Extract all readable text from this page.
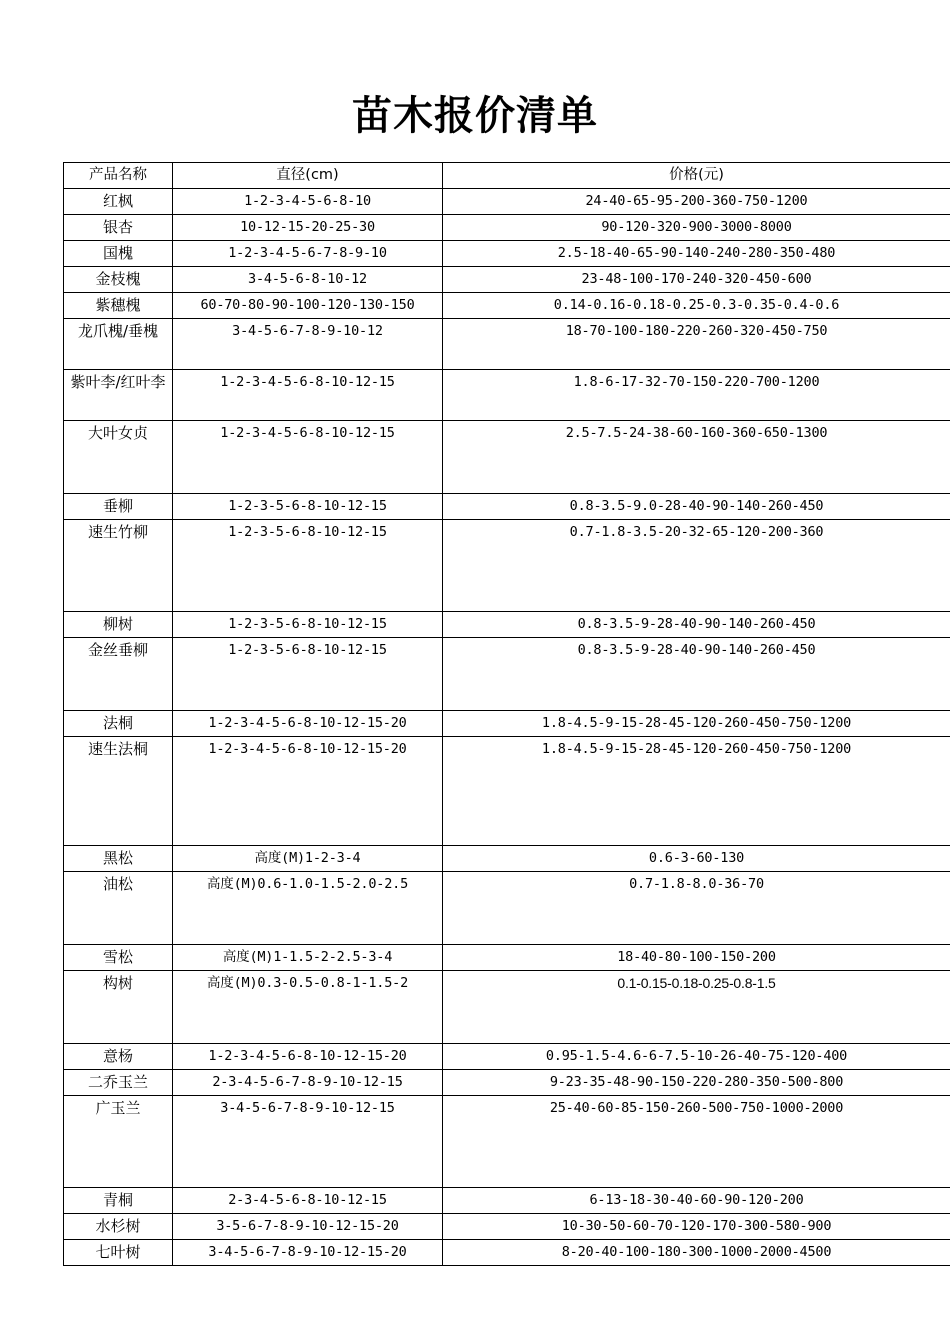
苗木报价清单
产品名称	直径(cm)	价格(元)
红枫	1-2-3-4-5-6-8-10	24-40-65-95-200-360-750-1200
银杏	10-12-15-20-25-30	90-120-320-900-3000-8000
国槐	1-2-3-4-5-6-7-8-9-10	2.5-18-40-65-90-140-240-280-350-480
金枝槐	3-4-5-6-8-10-12	23-48-100-170-240-320-450-600
紫穗槐	60-70-80-90-100-120-130-150	0.14-0.16-0.18-0.25-0.3-0.35-0.4-0.6
龙爪槐/垂槐	3-4-5-6-7-8-9-10-12	18-70-100-180-220-260-320-450-750
紫叶李/红叶李	1-2-3-4-5-6-8-10-12-15	1.8-6-17-32-70-150-220-700-1200
大叶女贞	1-2-3-4-5-6-8-10-12-15	2.5-7.5-24-38-60-160-360-650-1300
垂柳	1-2-3-5-6-8-10-12-15	0.8-3.5-9.0-28-40-90-140-260-450
速生竹柳	1-2-3-5-6-8-10-12-15	0.7-1.8-3.5-20-32-65-120-200-360
柳树	1-2-3-5-6-8-10-12-15	0.8-3.5-9-28-40-90-140-260-450
金丝垂柳	1-2-3-5-6-8-10-12-15	0.8-3.5-9-28-40-90-140-260-450
法桐	1-2-3-4-5-6-8-10-12-15-20	1.8-4.5-9-15-28-45-120-260-450-750-1200
速生法桐	1-2-3-4-5-6-8-10-12-15-20	1.8-4.5-9-15-28-45-120-260-450-750-1200
黑松	高度(M)1-2-3-4	0.6-3-60-130
油松	高度(M)0.6-1.0-1.5-2.0-2.5	0.7-1.8-8.0-36-70
雪松	高度(M)1-1.5-2-2.5-3-4	18-40-80-100-150-200
构树	高度(M)0.3-0.5-0.8-1-1.5-2	0.1-0.15-0.18-0.25-0.8-1.5
意杨	1-2-3-4-5-6-8-10-12-15-20	0.95-1.5-4.6-6-7.5-10-26-40-75-120-400
二乔玉兰	2-3-4-5-6-7-8-9-10-12-15	9-23-35-48-90-150-220-280-350-500-800
广玉兰	3-4-5-6-7-8-9-10-12-15	25-40-60-85-150-260-500-750-1000-2000
青桐	2-3-4-5-6-8-10-12-15	6-13-18-30-40-60-90-120-200
水杉树	3-5-6-7-8-9-10-12-15-20	10-30-50-60-70-120-170-300-580-900
七叶树	3-4-5-6-7-8-9-10-12-15-20	8-20-40-100-180-300-1000-2000-4500
